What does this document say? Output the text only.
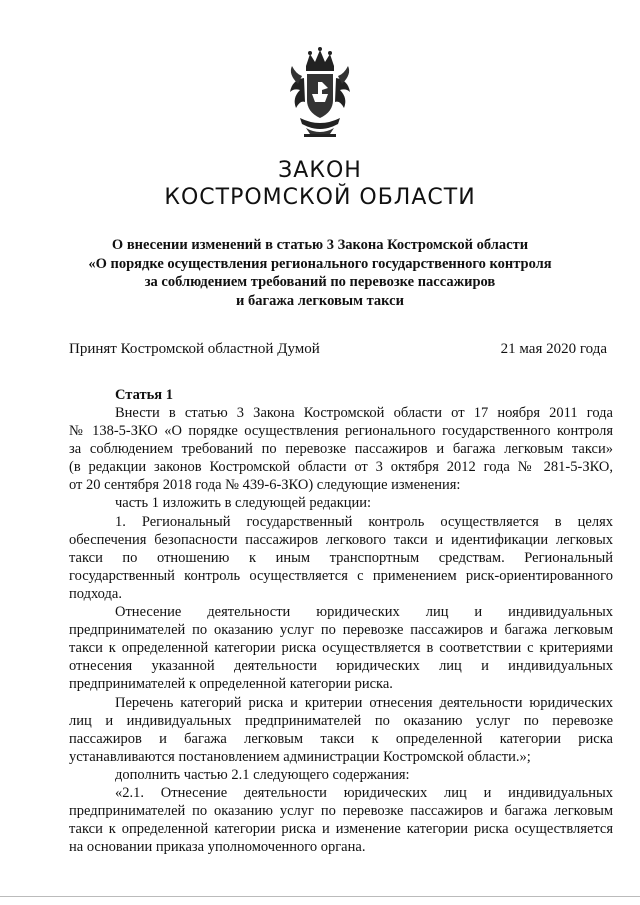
ЗАКОН
КОСТРОМСКОЙ ОБЛАСТИ
О внесении изменений в статью 3 Закона Костромской области
«О порядке осуществления регионального государственного контроля
за соблюдением требований по перевозке пассажиров
и багажа легковым такси
Принят Костромской областной Думой	21 мая 2020 года
Статья 1
Внести в статью 3 Закона Костромской области от 17 ноября 2011 года
№ 138-5-ЗКО «О порядке осуществления регионального государственного контроля
за соблюдением требований по перевозке пассажиров и багажа легковым такси»
(в редакции законов Костромской области от 3 октября 2012 года № 281-5-ЗКО,
от 20 сентября 2018 года № 439-6-ЗКО) следующие изменения:
часть 1 изложить в следующей редакции:
1. Региональный государственный контроль осуществляется в целях
обеспечения безопасности пассажиров легкового такси и идентификации легковых
такси по отношению к иным транспортным средствам. Региональный
государственный контроль осуществляется с применением риск-ориентированного
подхода.
Отнесение деятельности юридических лиц и индивидуальных
предпринимателей по оказанию услуг по перевозке пассажиров и багажа легковым
такси к определенной категории риска осуществляется в соответствии с критериями
отнесения указанной деятельности юридических лиц и индивидуальных
предпринимателей к определенной категории риска.
Перечень категорий риска и критерии отнесения деятельности юридических
лиц и индивидуальных предпринимателей по оказанию услуг по перевозке
пассажиров и багажа легковым такси к определенной категории риска
устанавливаются постановлением администрации Костромской области.»;
дополнить частью 2.1 следующего содержания:
«2.1. Отнесение деятельности юридических лиц и индивидуальных
предпринимателей по оказанию услуг по перевозке пассажиров и багажа легковым
такси к определенной категории риска и изменение категории риска осуществляется
на основании приказа уполномоченного органа.
